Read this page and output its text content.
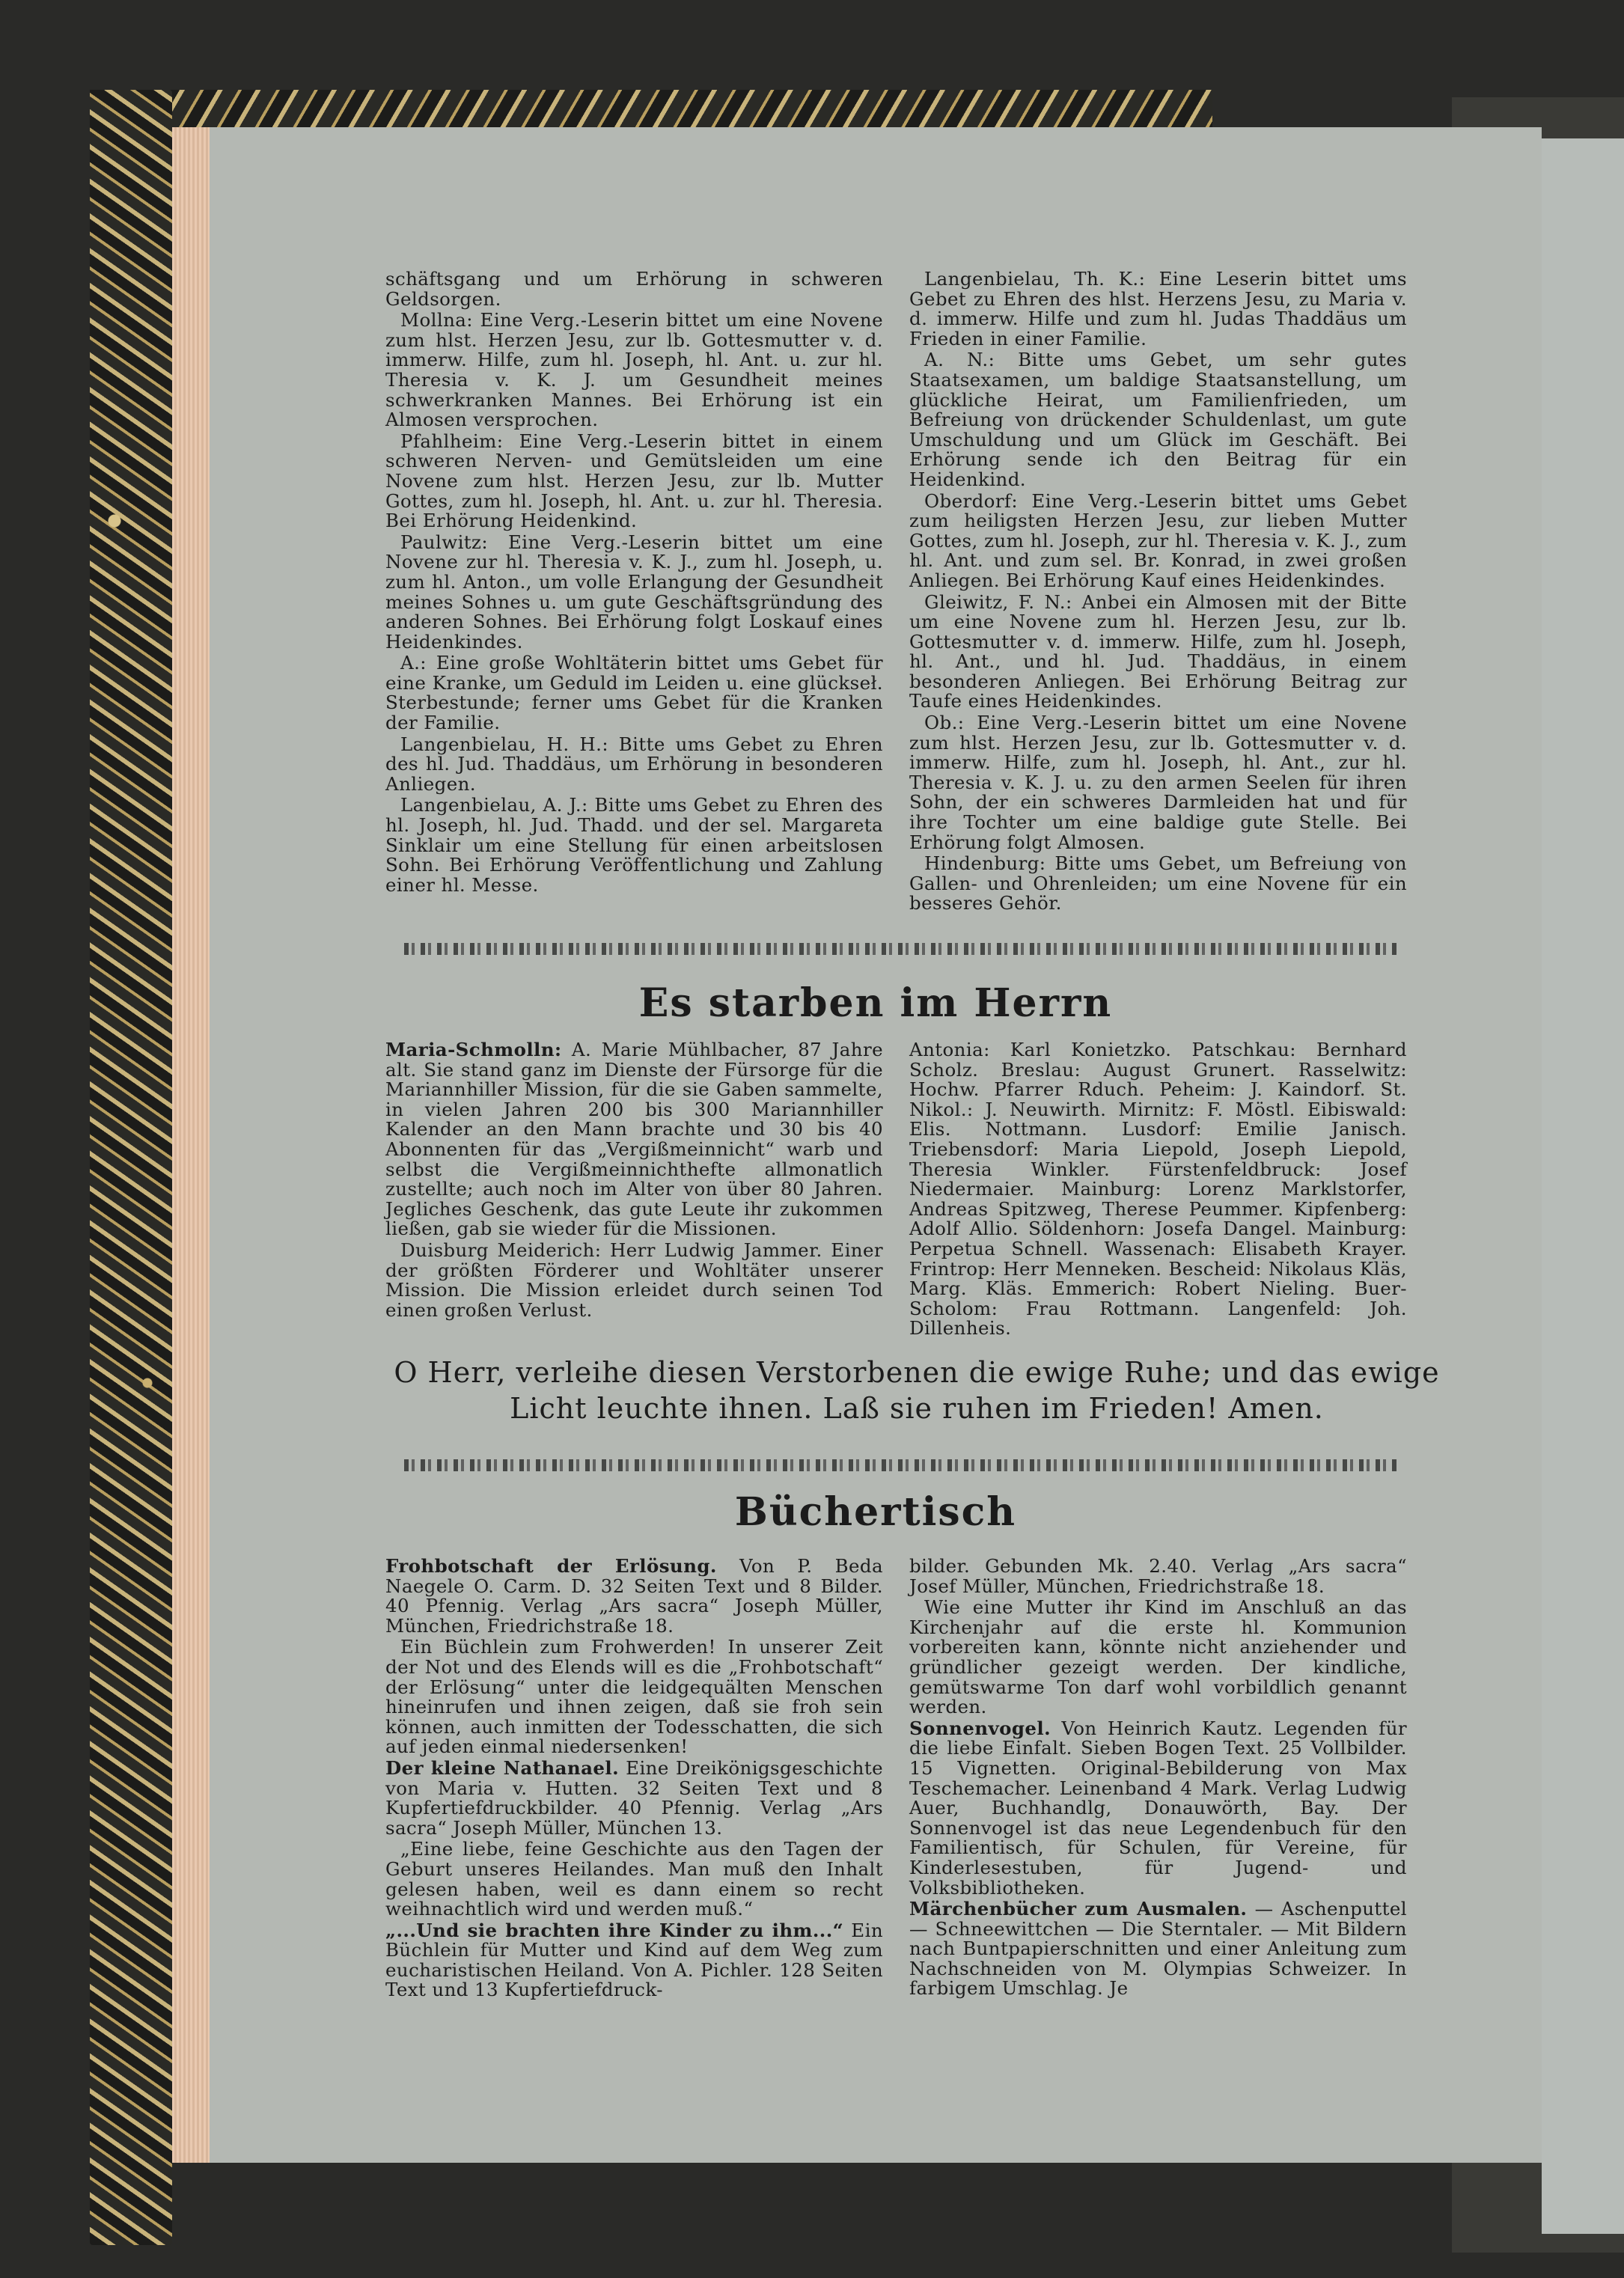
schäftsgang und um Erhörung in schweren Geldsorgen.

Mollna: Eine Verg.-Leserin bittet um eine Novene zum hlst. Herzen Jesu, zur lb. Gottesmutter v. d. immerw. Hilfe, zum hl. Joseph, hl. Ant. u. zur hl. Theresia v. K. J. um Gesundheit meines schwerkranken Mannes. Bei Erhörung ist ein Almosen versprochen.

Pfahlheim: Eine Verg.-Leserin bittet in einem schweren Nerven- und Gemütsleiden um eine Novene zum hlst. Herzen Jesu, zur lb. Mutter Gottes, zum hl. Joseph, hl. Ant. u. zur hl. Theresia. Bei Erhörung Heidenkind.

Paulwitz: Eine Verg.-Leserin bittet um eine Novene zur hl. Theresia v. K. J., zum hl. Joseph, u. zum hl. Anton., um volle Erlangung der Gesundheit meines Sohnes u. um gute Geschäftsgründung des anderen Sohnes. Bei Erhörung folgt Loskauf eines Heidenkindes.

A.: Eine große Wohltäterin bittet ums Gebet für eine Kranke, um Geduld im Leiden u. eine glückseł. Sterbestunde; ferner ums Gebet für die Kranken der Familie.

Langenbielau, H. H.: Bitte ums Gebet zu Ehren des hl. Jud. Thaddäus, um Erhörung in besonderen Anliegen.

Langenbielau, A. J.: Bitte ums Gebet zu Ehren des hl. Joseph, hl. Jud. Thadd. und der sel. Margareta Sinklair um eine Stellung für einen arbeitslosen Sohn. Bei Erhörung Veröffentlichung und Zahlung einer hl. Messe.

Langenbielau, Th. K.: Eine Leserin bittet ums Gebet zu Ehren des hlst. Herzens Jesu, zu Maria v. d. immerw. Hilfe und zum hl. Judas Thaddäus um Frieden in einer Familie.

A. N.: Bitte ums Gebet, um sehr gutes Staatsexamen, um baldige Staatsanstellung, um glückliche Heirat, um Familienfrieden, um Befreiung von drückender Schuldenlast, um gute Umschuldung und um Glück im Geschäft. Bei Erhörung sende ich den Beitrag für ein Heidenkind.

Oberdorf: Eine Verg.-Leserin bittet ums Gebet zum heiligsten Herzen Jesu, zur lieben Mutter Gottes, zum hl. Joseph, zur hl. Theresia v. K. J., zum hl. Ant. und zum sel. Br. Konrad, in zwei großen Anliegen. Bei Erhörung Kauf eines Heidenkindes.

Gleiwitz, F. N.: Anbei ein Almosen mit der Bitte um eine Novene zum hl. Herzen Jesu, zur lb. Gottesmutter v. d. immerw. Hilfe, zum hl. Joseph, hl. Ant., und hl. Jud. Thaddäus, in einem besonderen Anliegen. Bei Erhörung Beitrag zur Taufe eines Heidenkindes.

Ob.: Eine Verg.-Leserin bittet um eine Novene zum hlst. Herzen Jesu, zur lb. Gottesmutter v. d. immerw. Hilfe, zum hl. Joseph, hl. Ant., zur hl. Theresia v. K. J. u. zu den armen Seelen für ihren Sohn, der ein schweres Darmleiden hat und für ihre Tochter um eine baldige gute Stelle. Bei Erhörung folgt Almosen.

Hindenburg: Bitte ums Gebet, um Befreiung von Gallen- und Ohrenleiden; um eine Novene für ein besseres Gehör.

Es starben im Herrn

Maria-Schmolln: A. Marie Mühlbacher, 87 Jahre alt. Sie stand ganz im Dienste der Fürsorge für die Mariannhiller Mission, für die sie Gaben sammelte, in vielen Jahren 200 bis 300 Mariannhiller Kalender an den Mann brachte und 30 bis 40 Abonnenten für das „Vergißmeinnicht“ warb und selbst die Vergißmeinnichthefte allmonatlich zustellte; auch noch im Alter von über 80 Jahren. Jegliches Geschenk, das gute Leute ihr zukommen ließen, gab sie wieder für die Missionen.

Duisburg Meiderich: Herr Ludwig Jammer. Einer der größten Förderer und Wohltäter unserer Mission. Die Mission erleidet durch seinen Tod einen großen Verlust.

Antonia: Karl Konietzko. Patschkau: Bernhard Scholz. Breslau: August Grunert. Rasselwitz: Hochw. Pfarrer Rduch. Peheim: J. Kaindorf. St. Nikol.: J. Neuwirth. Mirnitz: F. Möstl. Eibiswald: Elis. Nottmann. Lusdorf: Emilie Janisch. Triebensdorf: Maria Liepold, Joseph Liepold, Theresia Winkler. Fürstenfeldbruck: Josef Niedermaier. Mainburg: Lorenz Marklstorfer, Andreas Spitzweg, Therese Peummer. Kipfenberg: Adolf Allio. Söldenhorn: Josefa Dangel. Mainburg: Perpetua Schnell. Wassenach: Elisabeth Krayer. Frintrop: Herr Menneken. Bescheid: Nikolaus Kläs, Marg. Kläs. Emmerich: Robert Nieling. Buer-Scholom: Frau Rottmann. Langenfeld: Joh. Dillenheis.

O Herr, verleihe diesen Verstorbenen die ewige Ruhe; und das ewige Licht leuchte ihnen. Laß sie ruhen im Frieden! Amen.
Büchertisch

Frohbotschaft der Erlösung. Von P. Beda Naegele O. Carm. D. 32 Seiten Text und 8 Bilder. 40 Pfennig. Verlag „Ars sacra“ Joseph Müller, München, Friedrichstraße 18.

Ein Büchlein zum Frohwerden! In unserer Zeit der Not und des Elends will es die „Frohbotschaft“ der Erlösung“ unter die leidgequälten Menschen hineinrufen und ihnen zeigen, daß sie froh sein können, auch inmitten der Todesschatten, die sich auf jeden einmal niedersenken!

Der kleine Nathanael. Eine Dreikönigsgeschichte von Maria v. Hutten. 32 Seiten Text und 8 Kupfertiefdruckbilder. 40 Pfennig. Verlag „Ars sacra“ Joseph Müller, München 13.

„Eine liebe, feine Geschichte aus den Tagen der Geburt unseres Heilandes. Man muß den Inhalt gelesen haben, weil es dann einem so recht weihnachtlich wird und werden muß.“

„...Und sie brachten ihre Kinder zu ihm...“ Ein Büchlein für Mutter und Kind auf dem Weg zum eucharistischen Heiland. Von A. Pichler. 128 Seiten Text und 13 Kupfertiefdruck-

bilder. Gebunden Mk. 2.40. Verlag „Ars sacra“ Josef Müller, München, Friedrichstraße 18.

Wie eine Mutter ihr Kind im Anschluß an das Kirchenjahr auf die erste hl. Kommunion vorbereiten kann, könnte nicht anziehender und gründlicher gezeigt werden. Der kindliche, gemütswarme Ton darf wohl vorbildlich genannt werden.

Sonnenvogel. Von Heinrich Kautz. Legenden für die liebe Einfalt. Sieben Bogen Text. 25 Vollbilder. 15 Vignetten. Original-Bebilderung von Max Teschemacher. Leinenband 4 Mark. Verlag Ludwig Auer, Buchhandlg, Donauwörth, Bay. Der Sonnenvogel ist das neue Legendenbuch für den Familientisch, für Schulen, für Vereine, für Kinderlesestuben, für Jugend- und Volksbibliotheken.

Märchenbücher zum Ausmalen. — Aschenputtel — Schneewittchen — Die Sterntaler. — Mit Bildern nach Buntpapierschnitten und einer Anleitung zum Nachschneiden von M. Olympias Schweizer. In farbigem Umschlag. Je
